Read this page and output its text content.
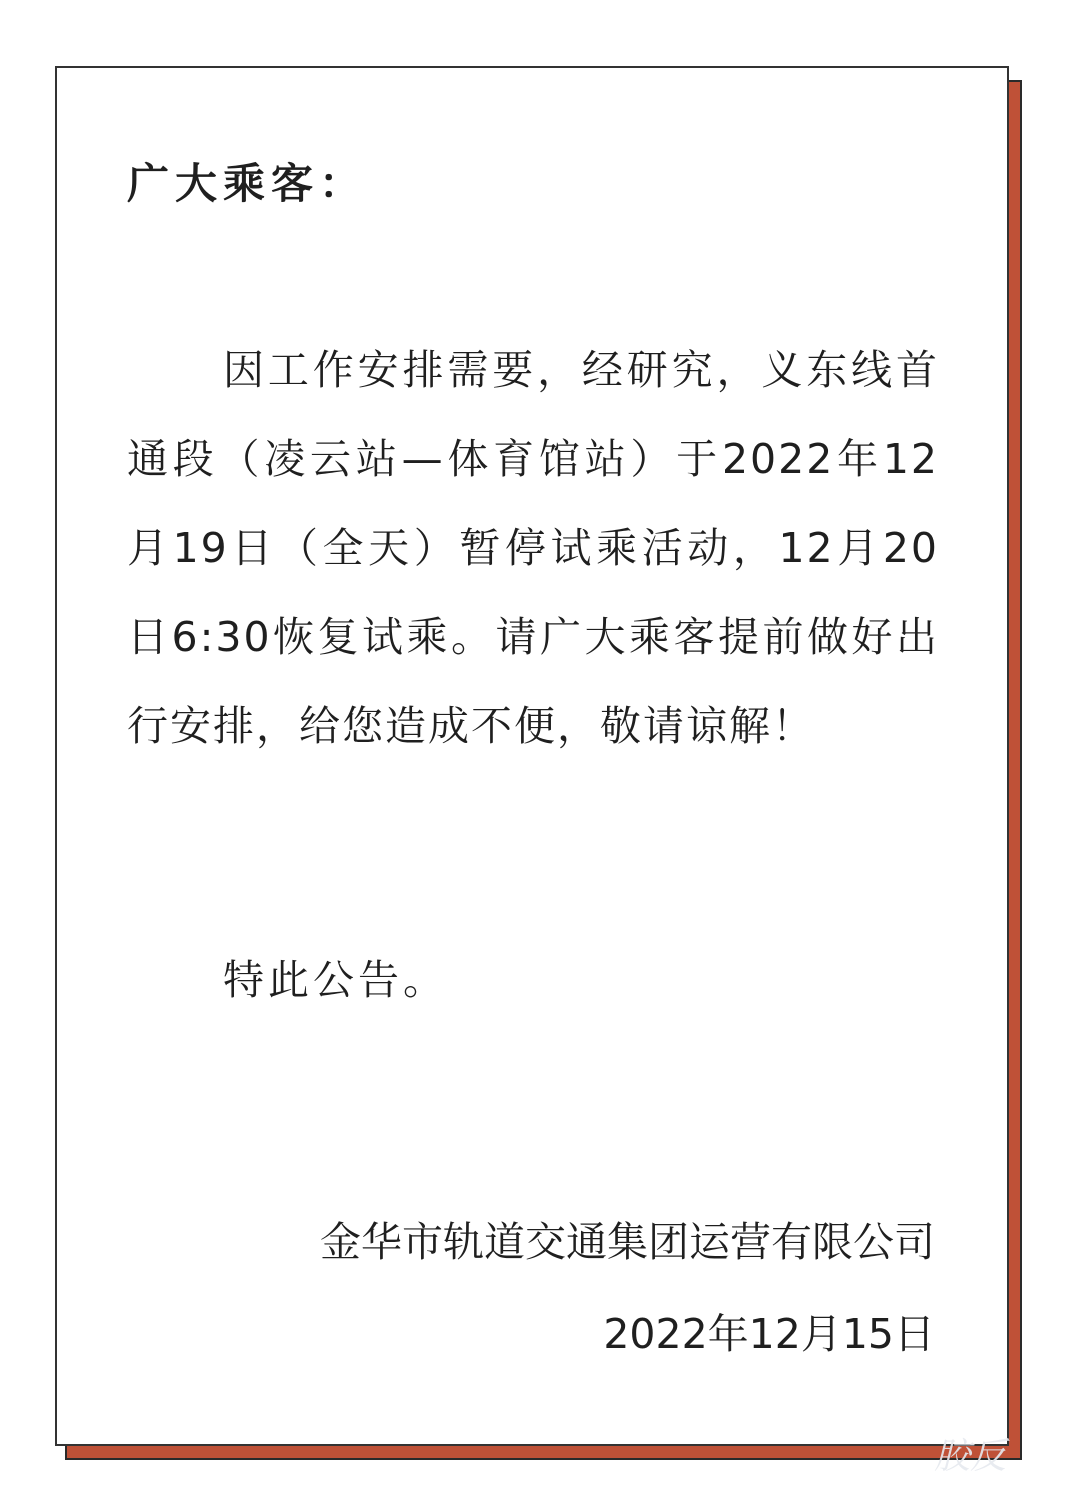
广大乘客：

因工作安排需要，经研究，义东线首通段（凌云站—体育馆站）于2022年12月19日（全天）暂停试乘活动，12月20日6:30恢复试乘。请广大乘客提前做好出行安排，给您造成不便，敬请谅解！

特此公告。

金华市轨道交通集团运营有限公司

2022年12月15日

胶反
